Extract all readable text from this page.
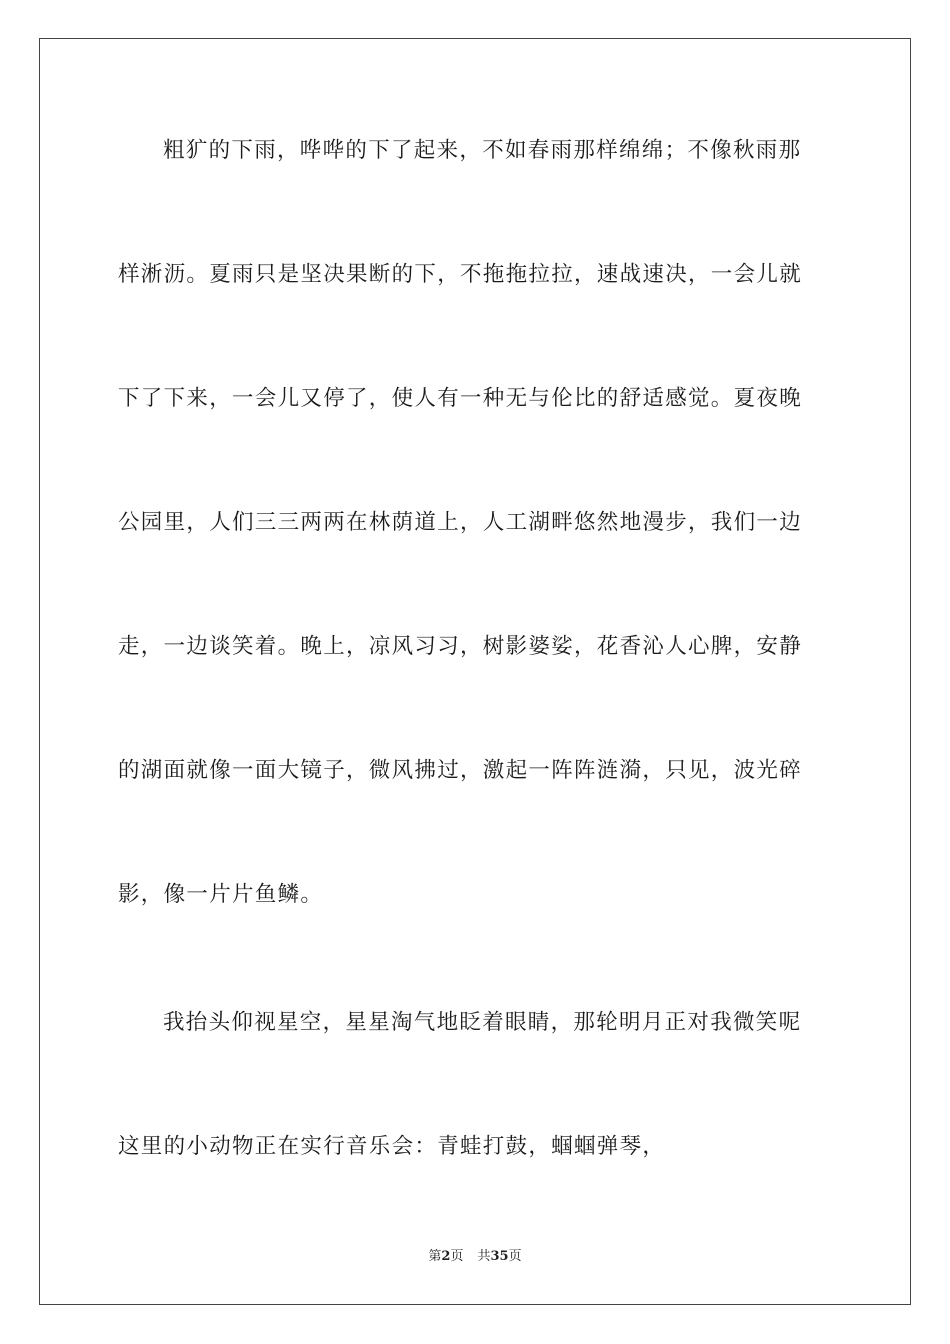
粗犷的下雨，哗哗的下了起来，不如春雨那样绵绵；不像秋雨那
样淅沥。夏雨只是坚决果断的下，不拖拖拉拉，速战速决，一会儿就
下了下来，一会儿又停了，使人有一种无与伦比的舒适感觉。夏夜晚
公园里，人们三三两两在林荫道上，人工湖畔悠然地漫步，我们一边
走，一边谈笑着。晚上，凉风习习，树影婆娑，花香沁人心脾，安静
的湖面就像一面大镜子，微风拂过，激起一阵阵涟漪，只见，波光碎
影，像一片片鱼鳞。
我抬头仰视星空，星星淘气地眨着眼睛，那轮明月正对我微笑呢
这里的小动物正在实行音乐会：青蛙打鼓，蝈蝈弹琴，
第2页 共35页
